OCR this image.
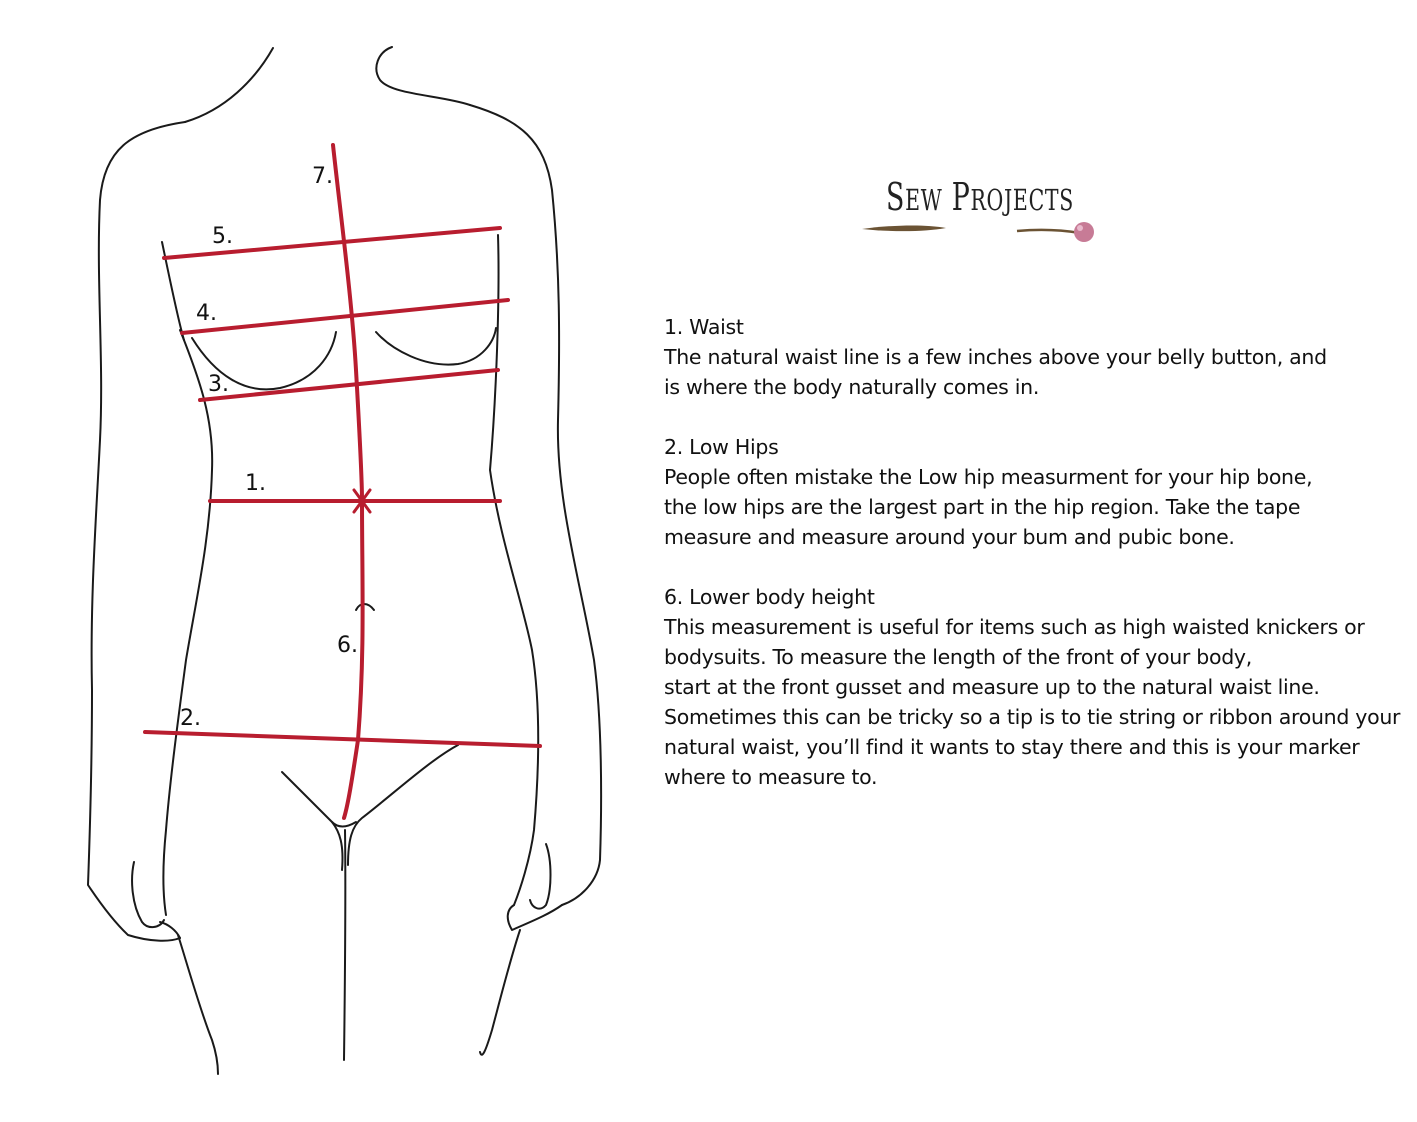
7.
5.
4.
3.
1.
6.
2.
SEW PROJECTS
1. Waist
The natural waist line is a few inches above your belly button, and
is where the body naturally comes in.
2. Low Hips
People often mistake the Low hip measurment for your hip bone,
the low hips are the largest part in the hip region. Take the tape
measure and measure around your bum and pubic bone.
6. Lower body height
This measurement is useful for items such as high waisted knickers or
bodysuits. To measure the length of the front of your body,
start at the front gusset and measure up to the natural waist line.
Sometimes this can be tricky so a tip is to tie string or ribbon around your
natural waist, you’ll find it wants to stay there and this is your marker
where to measure to.
